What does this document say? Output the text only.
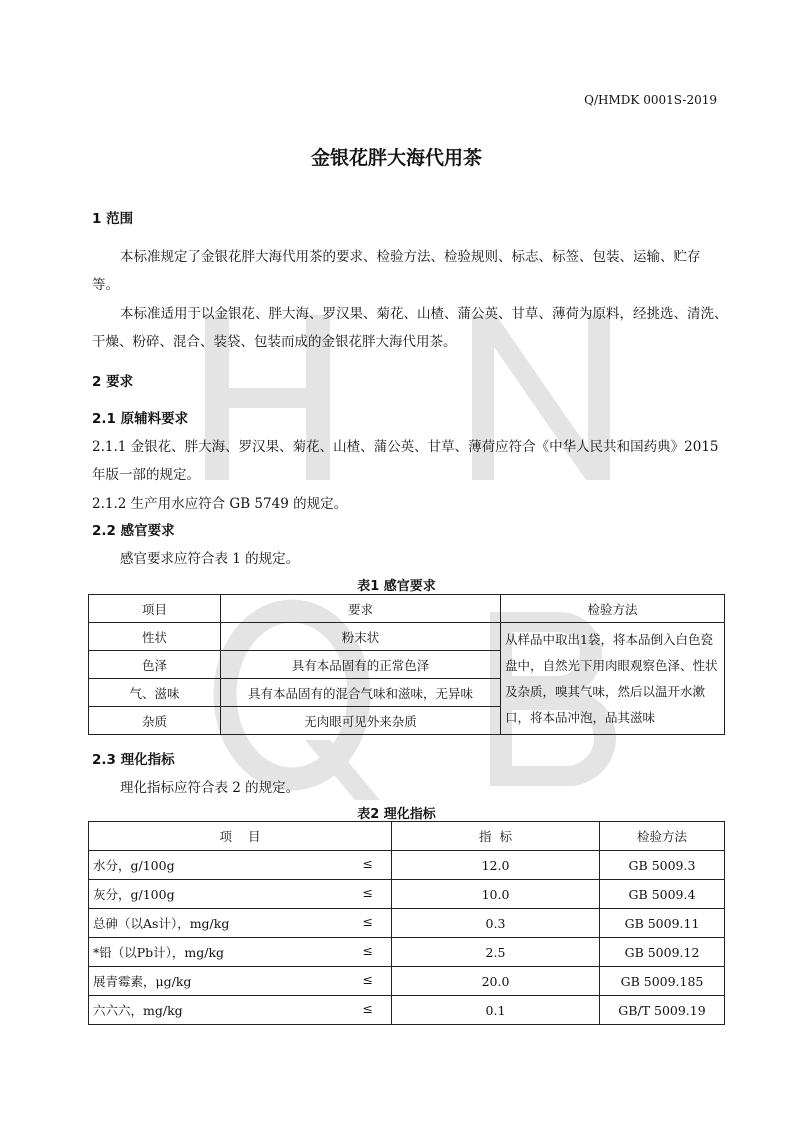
Q/HMDK 0001S-2019
金银花胖大海代用茶
1 范围
本标准规定了金银花胖大海代用茶的要求、检验方法、检验规则、标志、标签、包装、运输、贮存
等。
本标准适用于以金银花、胖大海、罗汉果、菊花、山楂、蒲公英、甘草、薄荷为原料，经挑选、清洗、
干燥、粉碎、混合、装袋、包装而成的金银花胖大海代用茶。
2 要求
2.1 原辅料要求
2.1.1 金银花、胖大海、罗汉果、菊花、山楂、蒲公英、甘草、薄荷应符合《中华人民共和国药典》2015
年版一部的规定。
2.1.2 生产用水应符合 GB 5749 的规定。
2.2 感官要求
感官要求应符合表 1 的规定。
表1 感官要求
项目	要求	检验方法
性状	粉末状	从样品中取出1袋，将本品倒入白色瓷盘中，自然光下用肉眼观察色泽、性状及杂质，嗅其气味，然后以温开水漱口，将本品冲泡，品其滋味
色泽	具有本品固有的正常色泽	
气、滋味	具有本品固有的混合气味和滋味，无异味	
杂质	无肉眼可见外来杂质	
2.3 理化指标
理化指标应符合表 2 的规定。
表2 理化指标
项    目	指  标	检验方法
水分，g/100g ≤	12.0	GB 5009.3
灰分，g/100g ≤	10.0	GB 5009.4
总砷（以As计），mg/kg ≤	0.3	GB 5009.11
*铅（以Pb计），mg/kg ≤	2.5	GB 5009.12
展青霉素，μg/kg ≤	20.0	GB 5009.185
六六六，mg/kg ≤	0.1	GB/T 5009.19
